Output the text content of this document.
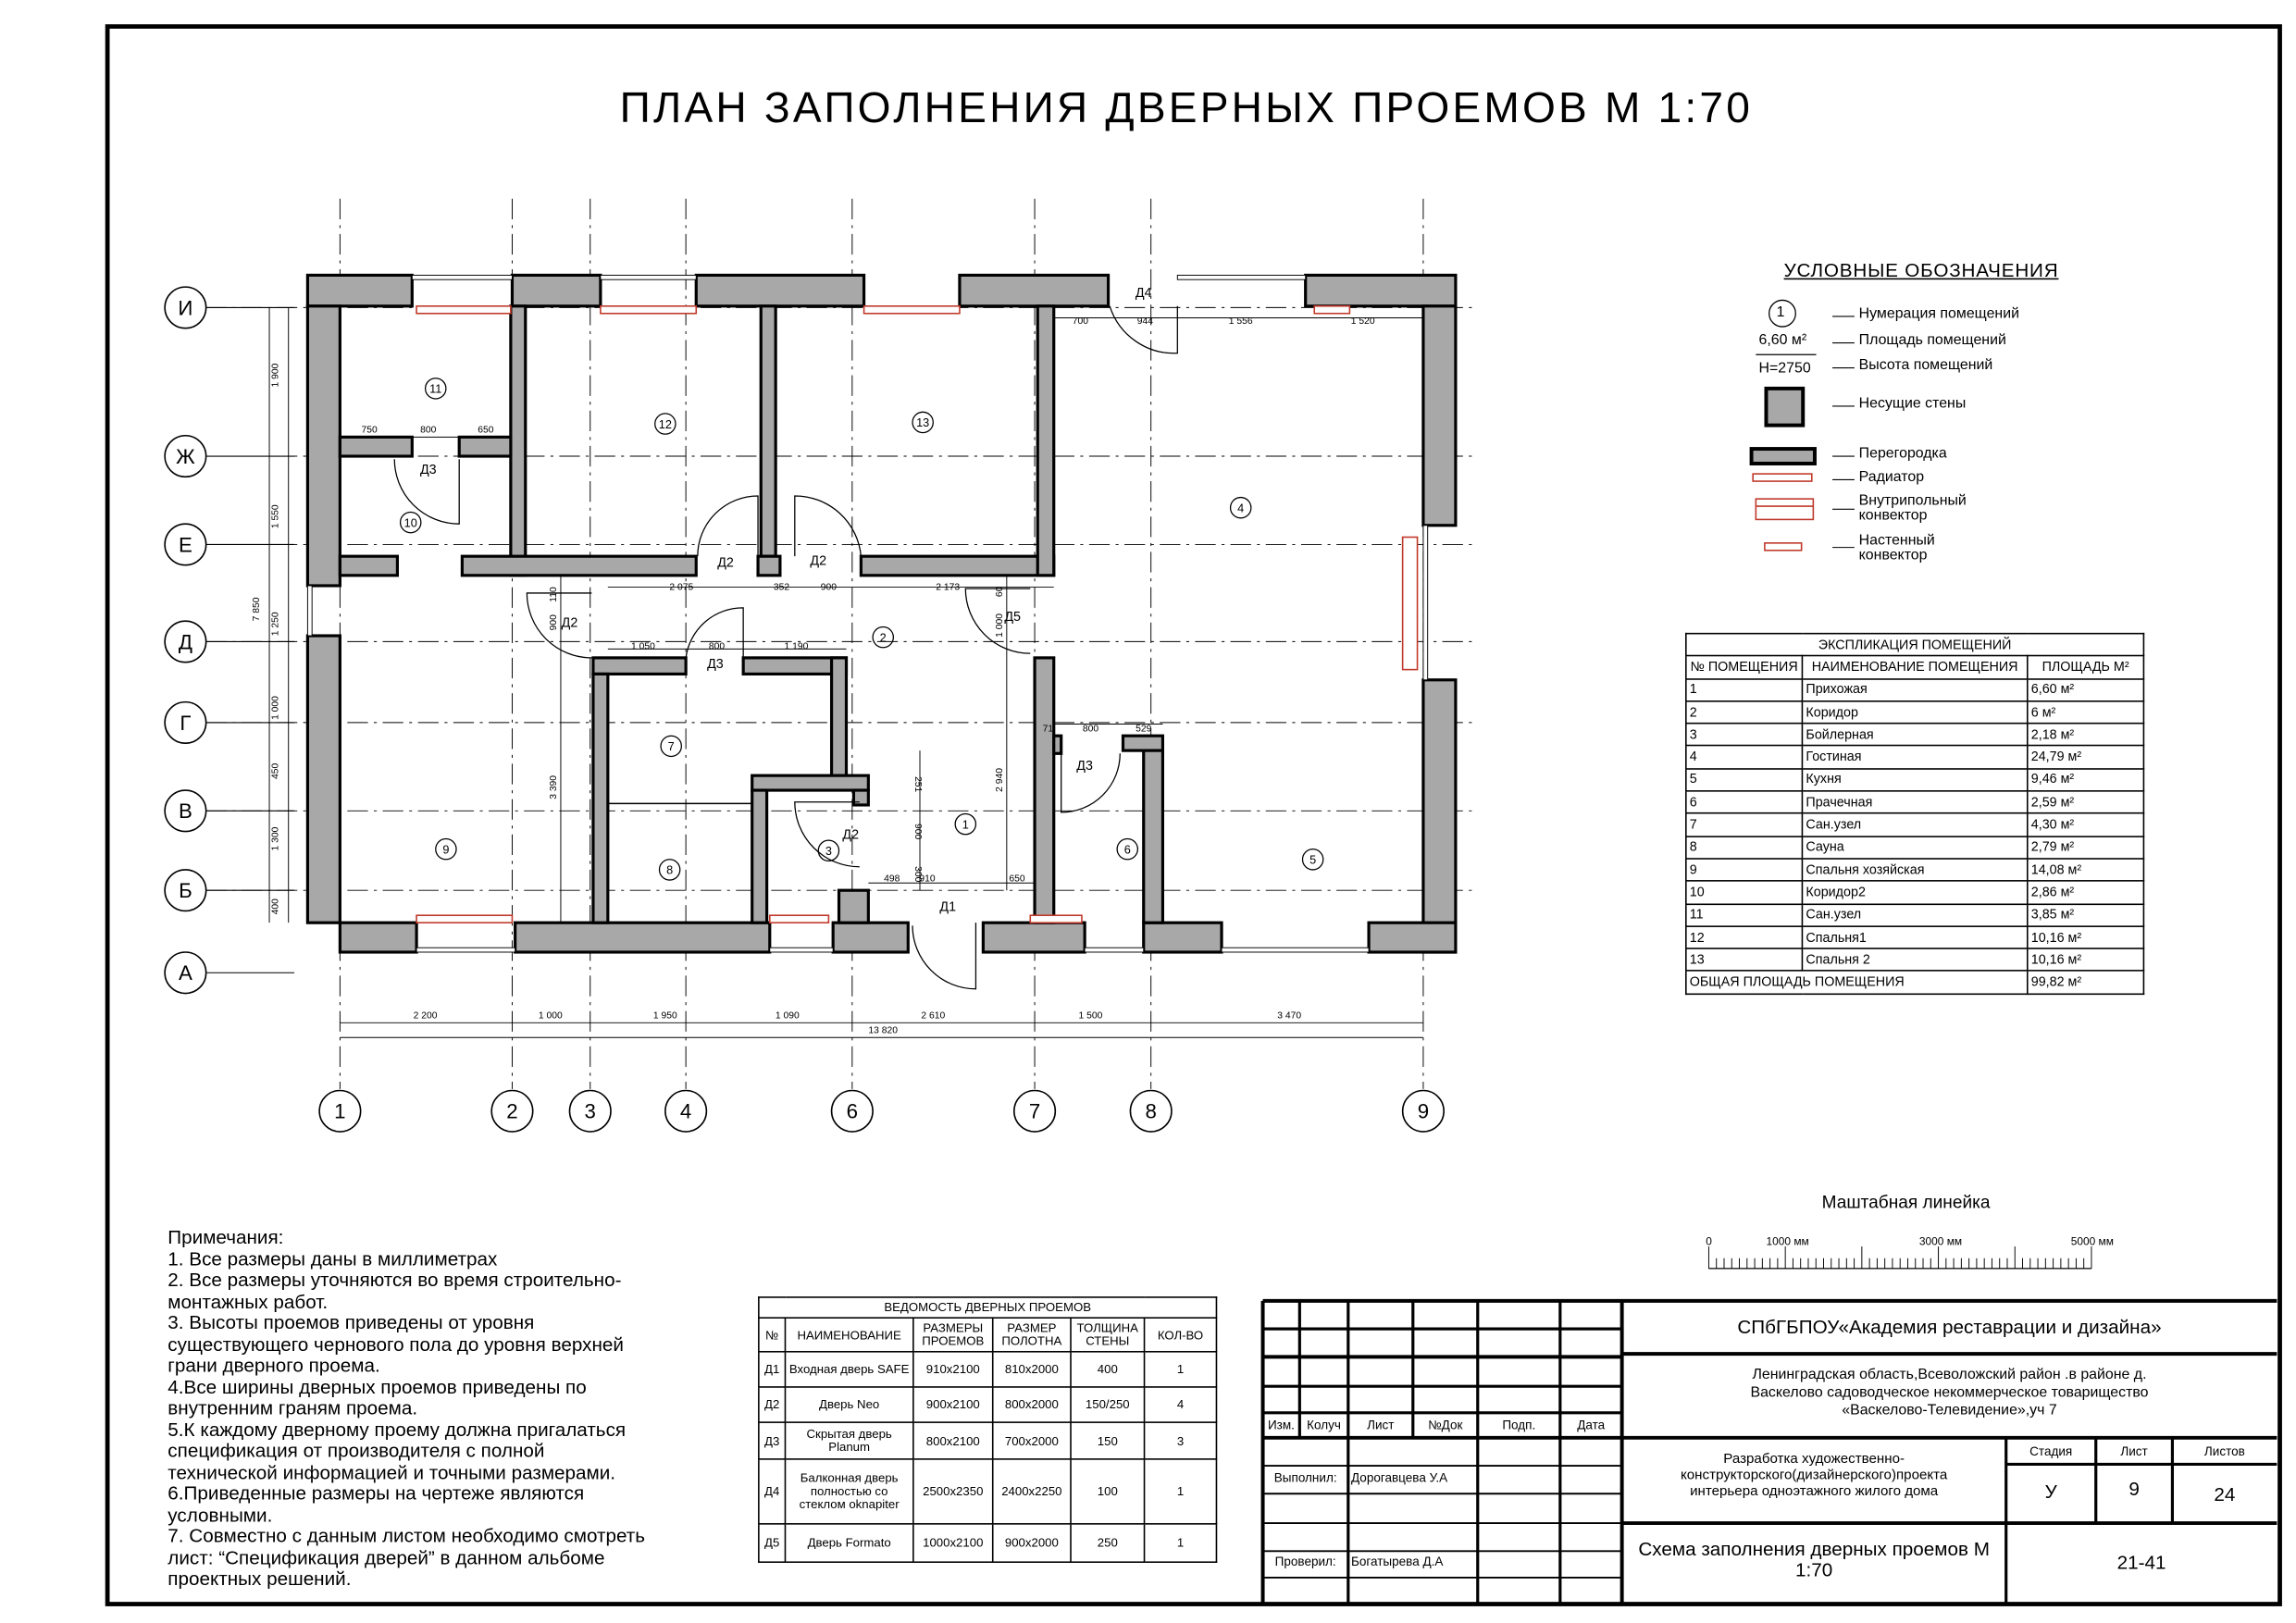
И
Ж
Е
Д
Г
В
Б
А
1	2	3	4	6	7	8	9
11
12	13
10
4
2
7
9
8
3
1
6
5
Д3
Д2	Д2
Д2
Д3
Д5
Д4
Д3
Д2
Д1
750	800	650
700	944	1 556	1 520
2 075	352	900	2 173
1 050	800	1 190
71	800	529
498	910	650
110
900
60
1 000
3 390	2 940
251
900
300
1 900
1 550
7 850
1 250
1 000
450
1 300
400
2 200	1 000	1 950	1 090	2 610	1 500	3 470
13 820
ПЛАН ЗАПОЛНЕНИЯ ДВЕРНЫХ ПРОЕМОВ М 1:70
УСЛОВНЫЕ ОБОЗНАЧЕНИЯ
1
6,60 м²
Н=2750
Нумерация помещений
Площадь помещений
Высота помещений
Несущие стены
Перегородка
Радиатор
Внутрипольный конвектор
Настенный конвектор
ЭКСПЛИКАЦИЯ ПОМЕЩЕНИЙ		
№ ПОМЕЩЕНИЯ	НАИМЕНОВАНИЕ ПОМЕЩЕНИЯ	ПЛОЩАДЬ М²
1	Прихожая	6,60 м²
2	Коридор	6 м²
3	Бойлерная	2,18 м²
4	Гостиная	24,79 м²
5	Кухня	9,46 м²
6	Прачечная	2,59 м²
7	Сан.узел	4,30 м²
8	Сауна	2,79 м²
9	Спальня хозяйская	14,08 м²
10	Коридор2	2,86 м²
11	Сан.узел	3,85 м²
12	Спальня1	10,16 м²
13	Спальня 2	10,16 м²
ОБЩАЯ ПЛОЩАДЬ ПОМЕЩЕНИЯ		99,82 м²
ВЕДОМОСТЬ ДВЕРНЫХ ПРОЕМОВ					
№	НАИМЕНОВАНИЕ	РАЗМЕРЫ ПРОЕМОВ	РАЗМЕР ПОЛОТНА	ТОЛЩИНА СТЕНЫ	КОЛ-ВО
Д1	Входная дверь SAFE	910x2100	810x2000	400	1
Д2	Дверь Neo	900x2100	800x2000	150/250	4
Д3	Скрытая дверь Planum	800x2100	700x2000	150	3
Д4	Балконная дверь полностью со стеклом oknapiter	2500x2350	2400x2250	100	1
Д5	Дверь Formato	1000x2100	900x2000	250	1
Примечания:
1. Все размеры даны в миллиметрах
2. Все размеры уточняются во время строительно-
монтажных работ.
3. Высоты проемов приведены от уровня
существующего чернового пола до уровня верхней
грани дверного проема.
4.Все ширины дверных проемов приведены по
внутренним граням проема.
5.К каждому дверному проему должна пригалаться
спецификация от производителя с полной
технической информацией и точными размерами.
6.Приведенные размеры на чертеже являются
условными.
7. Совместно с данным листом необходимо смотреть
лист: “Спецификация дверей” в данном альбоме
проектных решений.
Маштабная линейка
0	1000 мм	3000 мм	5000 мм
СПбГБПОУ«Академия реставрации и дизайна»
Ленинградская область,Всеволожский район .в районе д.
Васкелово садоводческое некоммерческое товарищество
«Васкелово-Телевидение»,уч 7
Изм.	Колуч	Лист	№Док	Подп.	Дата
Выполнил:	Дорогавцева У.А
Проверил:	Богатырева Д.А
Разработка художественно-
конструкторского(дизайнерского)проекта
интерьера одноэтажного жилого дома
Стадия	Лист	Листов
У	9	24
Схема заполнения дверных проемов М
1:70	21-41
